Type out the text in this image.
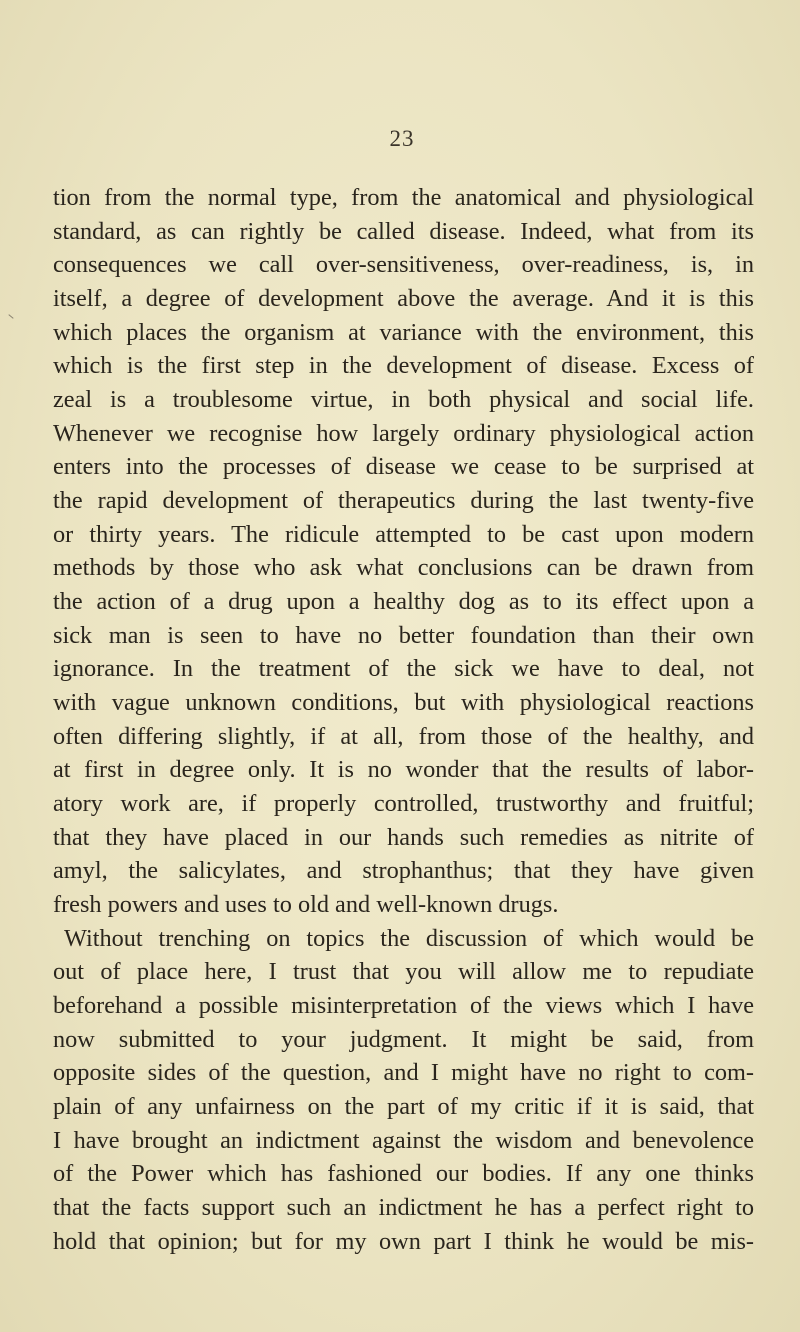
23
tion from the normal type, from the anatomical and physiological
standard, as can rightly be called disease. Indeed, what from its
consequences we call over-sensitiveness, over-readiness, is, in
itself, a degree of development above the average. And it is this
which places the organism at variance with the environment, this
which is the first step in the development of disease. Excess of
zeal is a troublesome virtue, in both physical and social life.
Whenever we recognise how largely ordinary physiological action
enters into the processes of disease we cease to be surprised at
the rapid development of therapeutics during the last twenty-five
or thirty years. The ridicule attempted to be cast upon modern
methods by those who ask what conclusions can be drawn from
the action of a drug upon a healthy dog as to its effect upon a
sick man is seen to have no better foundation than their own
ignorance. In the treatment of the sick we have to deal, not
with vague unknown conditions, but with physiological reactions
often differing slightly, if at all, from those of the healthy, and
at first in degree only. It is no wonder that the results of labor-
atory work are, if properly controlled, trustworthy and fruitful;
that they have placed in our hands such remedies as nitrite of
amyl, the salicylates, and strophanthus; that they have given
fresh powers and uses to old and well-known drugs.
Without trenching on topics the discussion of which would be
out of place here, I trust that you will allow me to repudiate
beforehand a possible misinterpretation of the views which I have
now submitted to your judgment. It might be said, from
opposite sides of the question, and I might have no right to com-
plain of any unfairness on the part of my critic if it is said, that
I have brought an indictment against the wisdom and benevolence
of the Power which has fashioned our bodies. If any one thinks
that the facts support such an indictment he has a perfect right to
hold that opinion; but for my own part I think he would be mis-
